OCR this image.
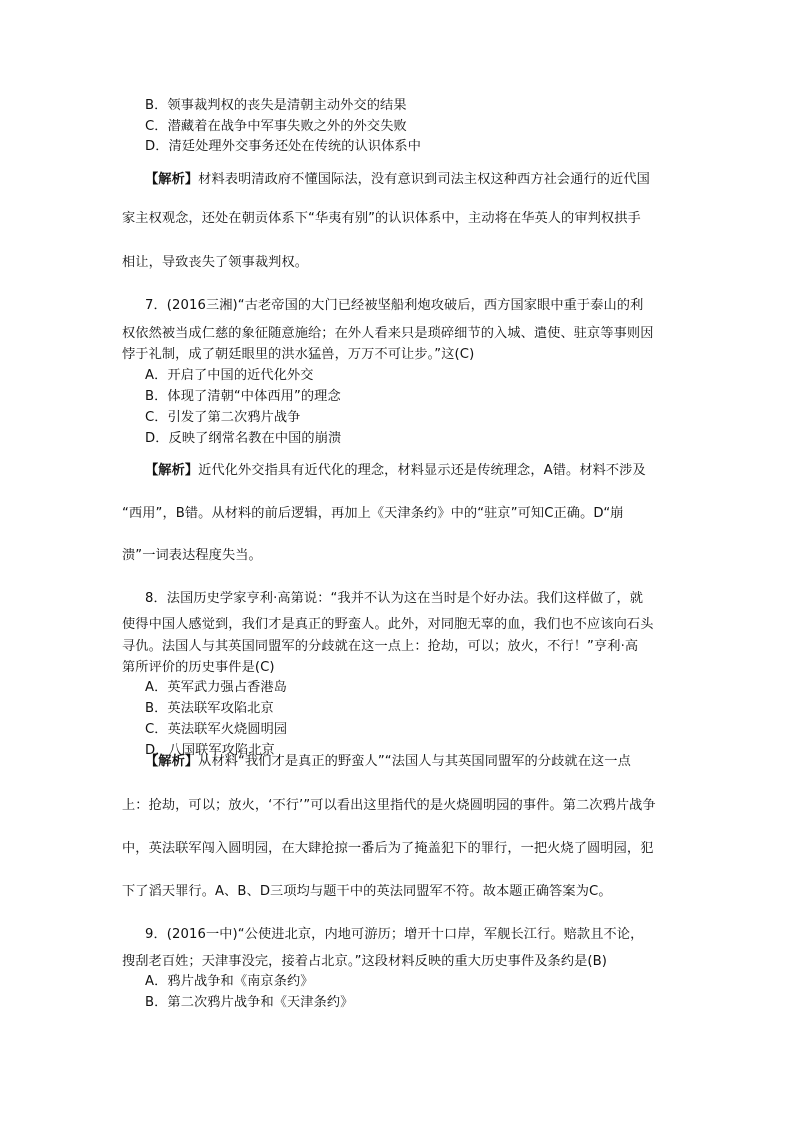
B．领事裁判权的丧失是清朝主动外交的结果
C．潜藏着在战争中军事失败之外的外交失败
D．清廷处理外交事务还处在传统的认识体系中
【解析】材料表明清政府不懂国际法，没有意识到司法主权这种西方社会通行的近代国
家主权观念，还处在朝贡体系下“华夷有别”的认识体系中，主动将在华英人的审判权拱手
相让，导致丧失了领事裁判权。
7．(2016三湘)“古老帝国的大门已经被坚船利炮攻破后，西方国家眼中重于泰山的利
权依然被当成仁慈的象征随意施给；在外人看来只是琐碎细节的入城、遣使、驻京等事则因
悖于礼制，成了朝廷眼里的洪水猛兽，万万不可让步。”这(C)
A．开启了中国的近代化外交
B．体现了清朝“中体西用”的理念
C．引发了第二次鸦片战争
D．反映了纲常名教在中国的崩溃
【解析】近代化外交指具有近代化的理念，材料显示还是传统理念，A错。材料不涉及
“西用”，B错。从材料的前后逻辑，再加上《天津条约》中的“驻京”可知C正确。D“崩
溃”一词表达程度失当。
8．法国历史学家亨利·高第说：“我并不认为这在当时是个好办法。我们这样做了，就
使得中国人感觉到，我们才是真正的野蛮人。此外，对同胞无辜的血，我们也不应该向石头
寻仇。法国人与其英国同盟军的分歧就在这一点上：抢劫，可以；放火，不行！”亨利·高
第所评价的历史事件是(C)
A．英军武力强占香港岛
B．英法联军攻陷北京
C．英法联军火烧圆明园
D．八国联军攻陷北京
【解析】从材料“我们才是真正的野蛮人”“法国人与其英国同盟军的分歧就在这一点
上：抢劫，可以；放火，‘不行’”可以看出这里指代的是火烧圆明园的事件。第二次鸦片战争
中，英法联军闯入圆明园，在大肆抢掠一番后为了掩盖犯下的罪行，一把火烧了圆明园，犯
下了滔天罪行。A、B、D三项均与题干中的英法同盟军不符。故本题正确答案为C。
9．(2016一中)“公使进北京，内地可游历；增开十口岸，军舰长江行。赔款且不论，
搜刮老百姓；天津事没完，接着占北京。”这段材料反映的重大历史事件及条约是(B)
A．鸦片战争和《南京条约》
B．第二次鸦片战争和《天津条约》
